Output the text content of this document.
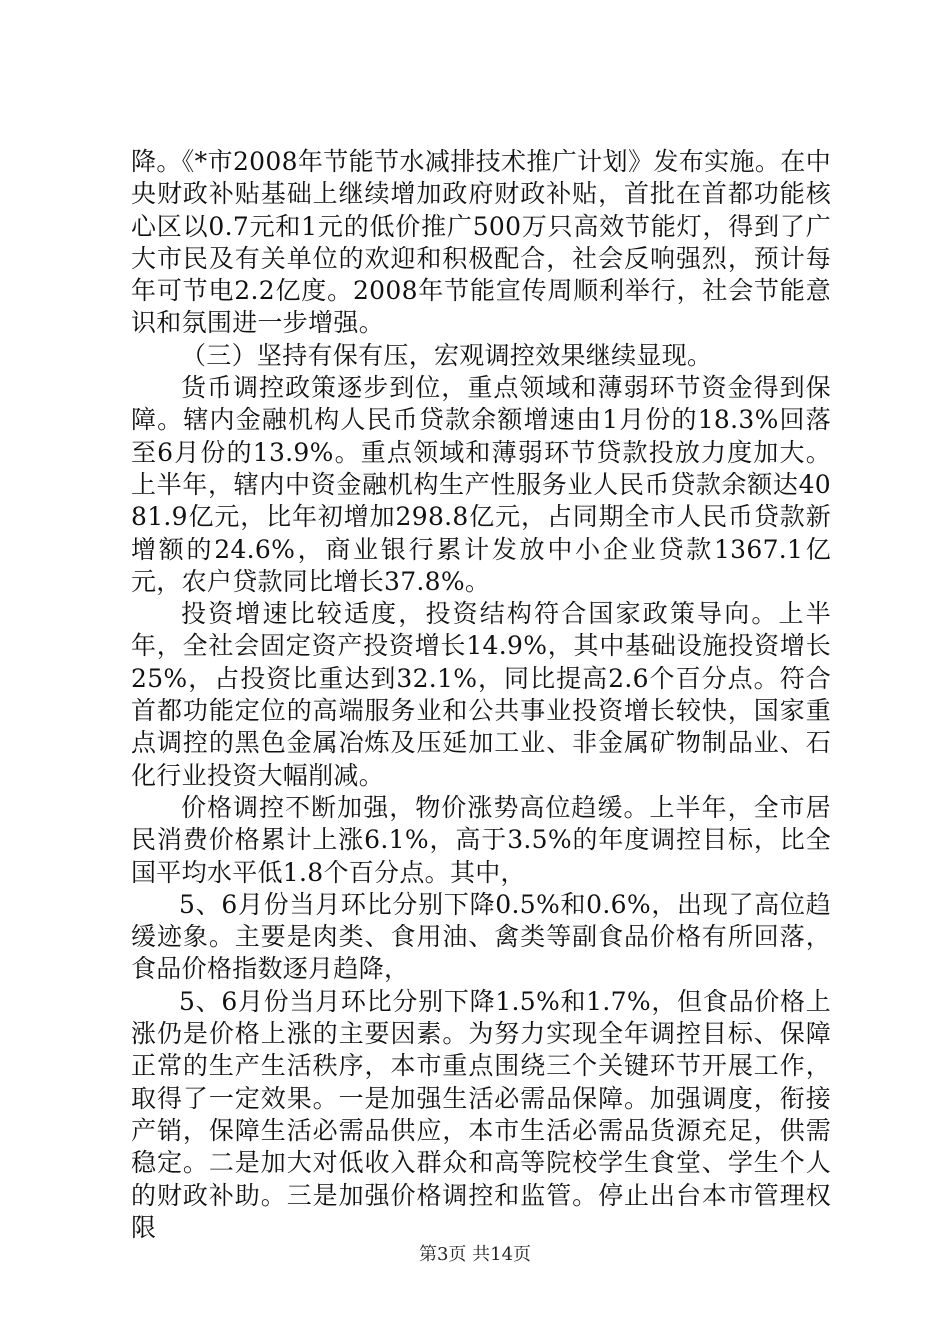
降。《*市2008年节能节水减排技术推广计划》发布实施。在中央财政补贴基础上继续增加政府财政补贴，首批在首都功能核心区以0.7元和1元的低价推广500万只高效节能灯，得到了广大市民及有关单位的欢迎和积极配合，社会反响强烈，预计每年可节电2.2亿度。2008年节能宣传周顺利举行，社会节能意识和氛围进一步增强。

（三）坚持有保有压，宏观调控效果继续显现。

货币调控政策逐步到位，重点领域和薄弱环节资金得到保障。辖内金融机构人民币贷款余额增速由1月份的18.3%回落至6月份的13.9%。重点领域和薄弱环节贷款投放力度加大。上半年，辖内中资金融机构生产性服务业人民币贷款余额达4081.9亿元，比年初增加298.8亿元，占同期全市人民币贷款新增额的24.6%，商业银行累计发放中小企业贷款1367.1亿元，农户贷款同比增长37.8%。

投资增速比较适度，投资结构符合国家政策导向。上半年，全社会固定资产投资增长14.9%，其中基础设施投资增长25%，占投资比重达到32.1%，同比提高2.6个百分点。符合首都功能定位的高端服务业和公共事业投资增长较快，国家重点调控的黑色金属冶炼及压延加工业、非金属矿物制品业、石化行业投资大幅削减。

价格调控不断加强，物价涨势高位趋缓。上半年，全市居民消费价格累计上涨6.1%，高于3.5%的年度调控目标，比全国平均水平低1.8个百分点。其中，

5、6月份当月环比分别下降0.5%和0.6%，出现了高位趋缓迹象。主要是肉类、食用油、禽类等副食品价格有所回落，食品价格指数逐月趋降，

5、6月份当月环比分别下降1.5%和1.7%，但食品价格上涨仍是价格上涨的主要因素。为努力实现全年调控目标、保障正常的生产生活秩序，本市重点围绕三个关键环节开展工作，取得了一定效果。一是加强生活必需品保障。加强调度，衔接产销，保障生活必需品供应，本市生活必需品货源充足，供需稳定。二是加大对低收入群众和高等院校学生食堂、学生个人的财政补助。三是加强价格调控和监管。停止出台本市管理权限

第3页 共14页
